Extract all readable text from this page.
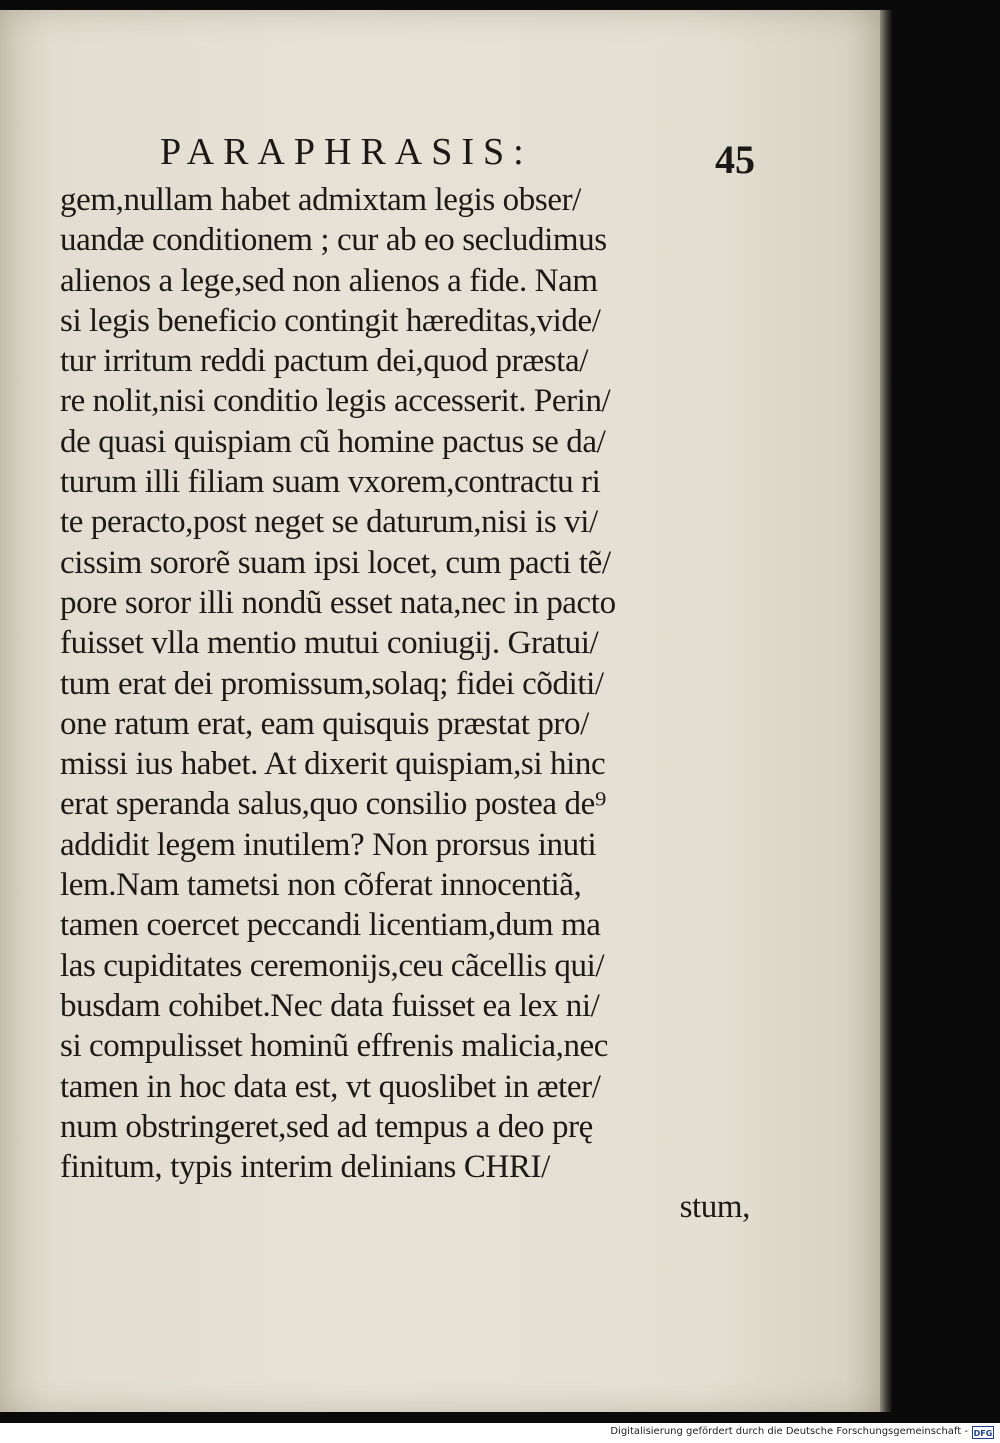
PARAPHRASIS:	45
gem,nullam habet admixtam legis obser/
uandæ conditionem ; cur ab eo secludimus
alienos a lege,sed non alienos a fide. Nam
si legis beneficio contingit hæreditas,vide/
tur irritum reddi pactum dei,quod præsta/
re nolit,nisi conditio legis accesserit. Perin/
de quasi quispiam cũ homine pactus se da/
turum illi filiam suam vxorem,contractu ri
te peracto,post neget se daturum,nisi is vi/
cissim sororẽ suam ipsi locet, cum pacti tẽ/
pore soror illi nondũ esset nata,nec in pacto
fuisset vlla mentio mutui coniugij. Gratui/
tum erat dei promissum,solaq; fidei cõditi/
one ratum erat, eam quisquis præstat pro/
missi ius habet. At dixerit quispiam,si hinc
erat speranda salus,quo consilio postea de⁹
addidit legem inutilem? Non prorsus inuti
lem.Nam tametsi non cõferat innocentiã,
tamen coercet peccandi licentiam,dum ma
las cupiditates ceremonijs,ceu cãcellis qui/
busdam cohibet.Nec data fuisset ea lex ni/
si compulisset hominũ effrenis malicia,nec
tamen in hoc data est, vt quoslibet in æter/
num obstringeret,sed ad tempus a deo prę
finitum, typis interim delinians CHRI/
stum,
Digitalisierung gefördert durch die Deutsche Forschungsgemeinschaft - DFG
